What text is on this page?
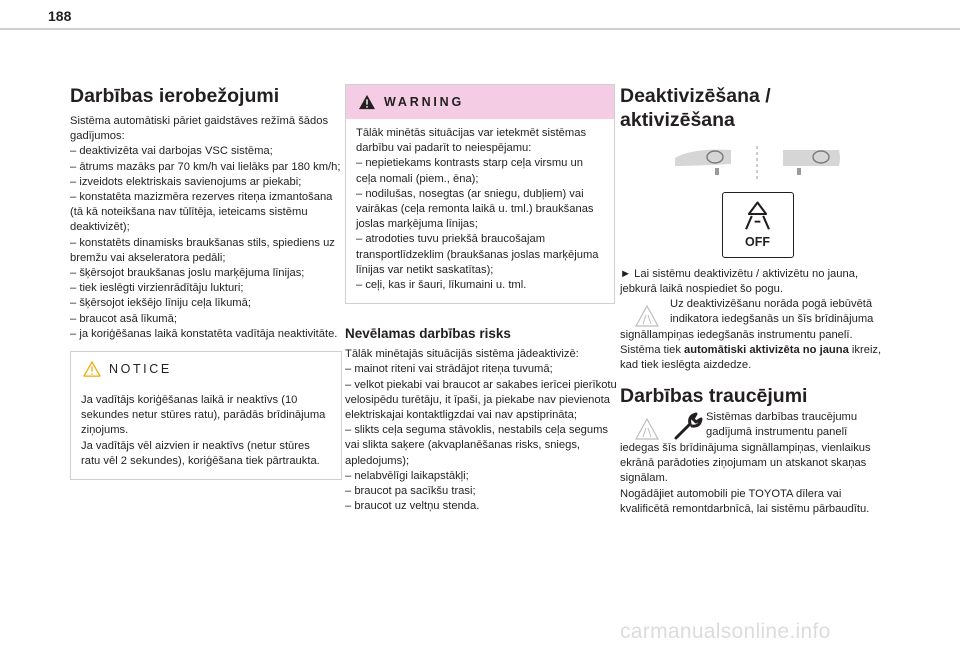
188
Darbības ierobežojumi
Sistēma automātiski pāriet gaidstāves režīmā šādos gadījumos:
– deaktivizēta vai darbojas VSC sistēma;
– ātrums mazāks par 70 km/h vai lielāks par 180 km/h;
– izveidots elektriskais savienojums ar piekabi;
– konstatēta mazizmēra rezerves riteņa izmantošana (tā kā noteikšana nav tūlītēja, ieteicams sistēmu deaktivizēt);
– konstatēts dinamisks braukšanas stils, spiediens uz bremžu vai akseleratora pedāli;
– šķērsojot braukšanas joslu marķējuma līnijas;
– tiek ieslēgti virzienrādītāju lukturi;
– šķērsojot iekšējo līniju ceļa līkumā;
– braucot asā līkumā;
– ja koriģēšanas laikā konstatēta vadītāja neaktivitāte.
NOTICE
Ja vadītājs koriģēšanas laikā ir neaktīvs (10 sekundes netur stūres ratu), parādās brīdinājuma ziņojums.
Ja vadītājs vēl aizvien ir neaktīvs (netur stūres ratu vēl 2 sekundes), koriģēšana tiek pārtraukta.
WARNING
Tālāk minētās situācijas var ietekmēt sistēmas darbību vai padarīt to neiespējamu:
– nepietiekams kontrasts starp ceļa virsmu un ceļa nomali (piem., ēna);
– nodilušas, nosegtas (ar sniegu, dubļiem) vai vairākas (ceļa remonta laikā u. tml.) braukšanas joslas marķējuma līnijas;
– atrodoties tuvu priekšā braucošajam transportlīdzeklim (braukšanas joslas marķējuma līnijas var netikt saskatītas);
– ceļi, kas ir šauri, līkumaini u. tml.
Nevēlamas darbības risks
Tālāk minētajās situācijās sistēma jādeaktivizē:
– mainot riteni vai strādājot riteņa tuvumā;
– velkot piekabi vai braucot ar sakabes ierīcei pierīkotu velosipēdu turētāju, it īpaši, ja piekabe nav pievienota elektriskajai kontaktligzdai vai nav apstiprināta;
– slikts ceļa seguma stāvoklis, nestabils ceļa segums vai slikta saķere (akvaplanēšanas risks, sniegs, apledojums);
– nelabvēlīgi laikapstākļi;
– braucot pa sacīkšu trasi;
– braucot uz veltņu stenda.
Deaktivizēšana /
aktivizēšana
OFF
► Lai sistēmu deaktivizētu / aktivizētu no jauna, jebkurā laikā nospiediet šo pogu.
Uz deaktivizēšanu norāda pogā iebūvētā indikatora iedegšanās un šīs brīdinājuma
signāllampiņas iedegšanās instrumentu panelī.
Sistēma tiek automātiski aktivizēta no jauna ikreiz, kad tiek ieslēgta aizdedze.
Darbības traucējumi
Sistēmas darbības traucējumu gadījumā instrumentu panelī
iedegas šīs brīdinājuma signāllampiņas, vienlaikus ekrānā parādoties ziņojumam un atskanot skaņas signālam.
Nogādājiet automobili pie TOYOTA dīlera vai kvalificētā remontdarbnīcā, lai sistēmu pārbaudītu.
carmanualsonline.info
